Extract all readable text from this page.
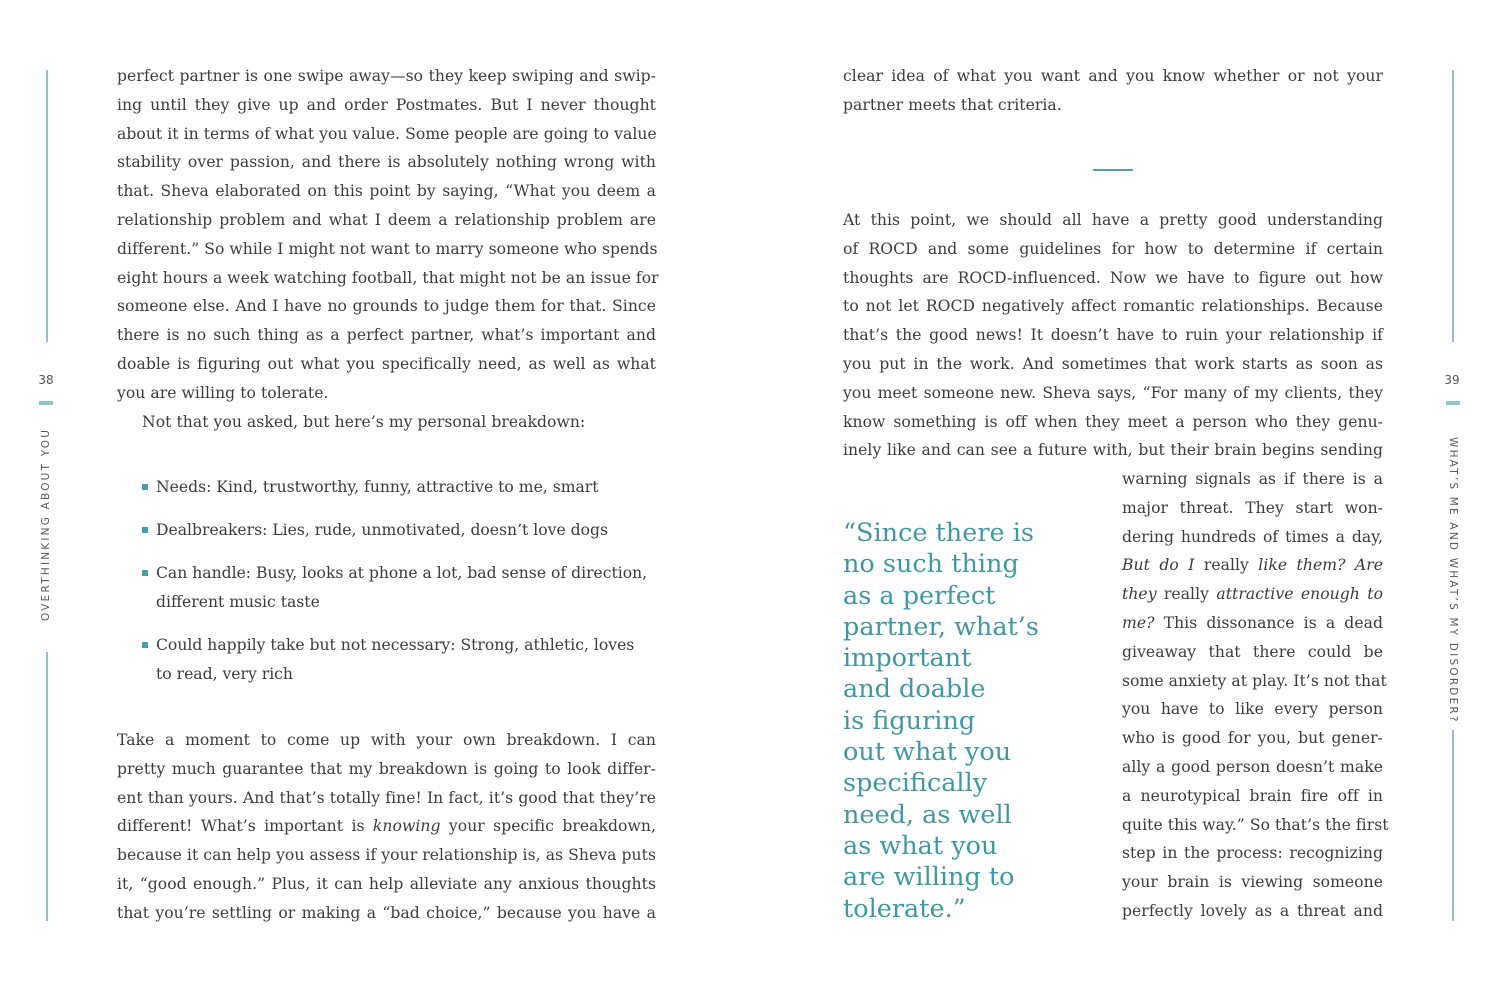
38
OVERTHINKING ABOUT YOU
39
WHAT’S ME AND WHAT’S MY DISORDER?
perfect partner is one swipe away—so they keep swiping and swip-
ing until they give up and order Postmates. But I never thought
about it in terms of what you value. Some people are going to value
stability over passion, and there is absolutely nothing wrong with
that. Sheva elaborated on this point by saying, “What you deem a
relationship problem and what I deem a relationship problem are
different.” So while I might not want to marry someone who spends
eight hours a week watching football, that might not be an issue for
someone else. And I have no grounds to judge them for that. Since
there is no such thing as a perfect partner, what’s important and
doable is figuring out what you specifically need, as well as what
you are willing to tolerate.
Not that you asked, but here’s my personal breakdown:
Needs: Kind, trustworthy, funny, attractive to me, smart
Dealbreakers: Lies, rude, unmotivated, doesn’t love dogs
Can handle: Busy, looks at phone a lot, bad sense of direction,
different music taste
Could happily take but not necessary: Strong, athletic, loves
to read, very rich
Take a moment to come up with your own breakdown. I can
pretty much guarantee that my breakdown is going to look differ-
ent than yours. And that’s totally fine! In fact, it’s good that they’re
different! What’s important is knowing your specific breakdown,
because it can help you assess if your relationship is, as Sheva puts
it, “good enough.” Plus, it can help alleviate any anxious thoughts
that you’re settling or making a “bad choice,” because you have a
clear idea of what you want and you know whether or not your
partner meets that criteria.
At this point, we should all have a pretty good understanding
of ROCD and some guidelines for how to determine if certain
thoughts are ROCD-influenced. Now we have to figure out how
to not let ROCD negatively affect romantic relationships. Because
that’s the good news! It doesn’t have to ruin your relationship if
you put in the work. And sometimes that work starts as soon as
you meet someone new. Sheva says, “For many of my clients, they
know something is off when they meet a person who they genu-
inely like and can see a future with, but their brain begins sending
warning signals as if there is a
major threat. They start won-
dering hundreds of times a day,
But do I really like them? Are
they really attractive enough to
me? This dissonance is a dead
giveaway that there could be
some anxiety at play. It’s not that
you have to like every person
who is good for you, but gener-
ally a good person doesn’t make
a neurotypical brain fire off in
quite this way.” So that’s the first
step in the process: recognizing
your brain is viewing someone
perfectly lovely as a threat and
“Since there is
no such thing
as a perfect
partner, what’s
important
and doable
is figuring
out what you
specifically
need, as well
as what you
are willing to
tolerate.”
